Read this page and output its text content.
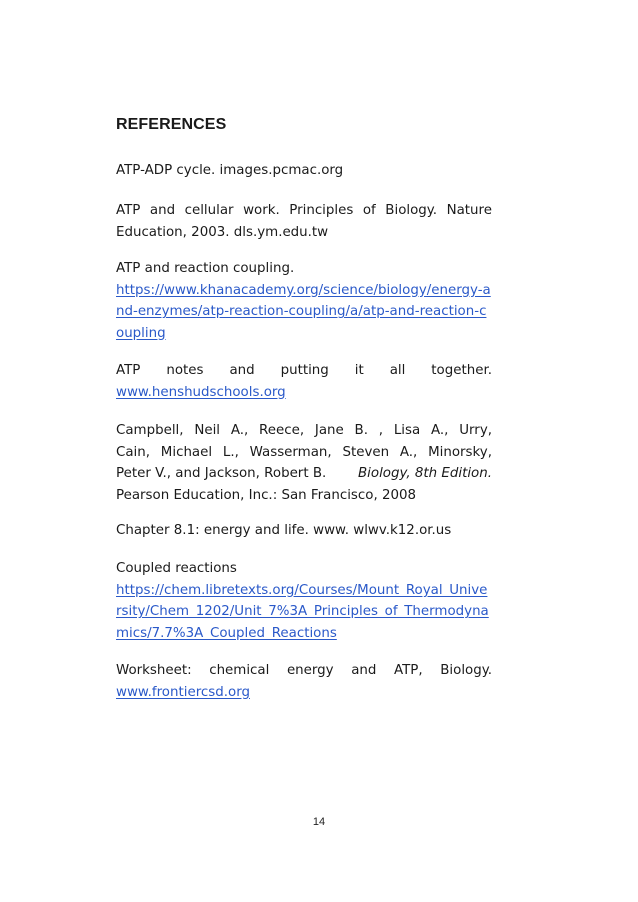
REFERENCES

ATP-ADP cycle. images.pcmac.org

ATP and cellular work. Principles of Biology. Nature
Education, 2003. dls.ym.edu.tw
ATP and reaction coupling.
https://www.khanacademy.org/science/biology/energy-and-enzymes/atp-reaction-coupling/a/atp-and-reaction-coupling
ATP notes and putting it all together.
www.henshudschools.org
Campbell, Neil A., Reece, Jane B. , Lisa A., Urry,
Cain, Michael L., Wasserman, Steven A., Minorsky,
Peter V., and Jackson, Robert B. Biology, 8th Edition.
Pearson Education, Inc.: San Francisco, 2008

Chapter 8.1: energy and life. www. wlwv.k12.or.us

Coupled reactions
https://chem.libretexts.org/Courses/Mount_Royal_University/Chem_1202/Unit_7%3A_Principles_of_Thermodynamics/7.7%3A_Coupled_Reactions
Worksheet: chemical energy and ATP, Biology.
www.frontiercsd.org
14
